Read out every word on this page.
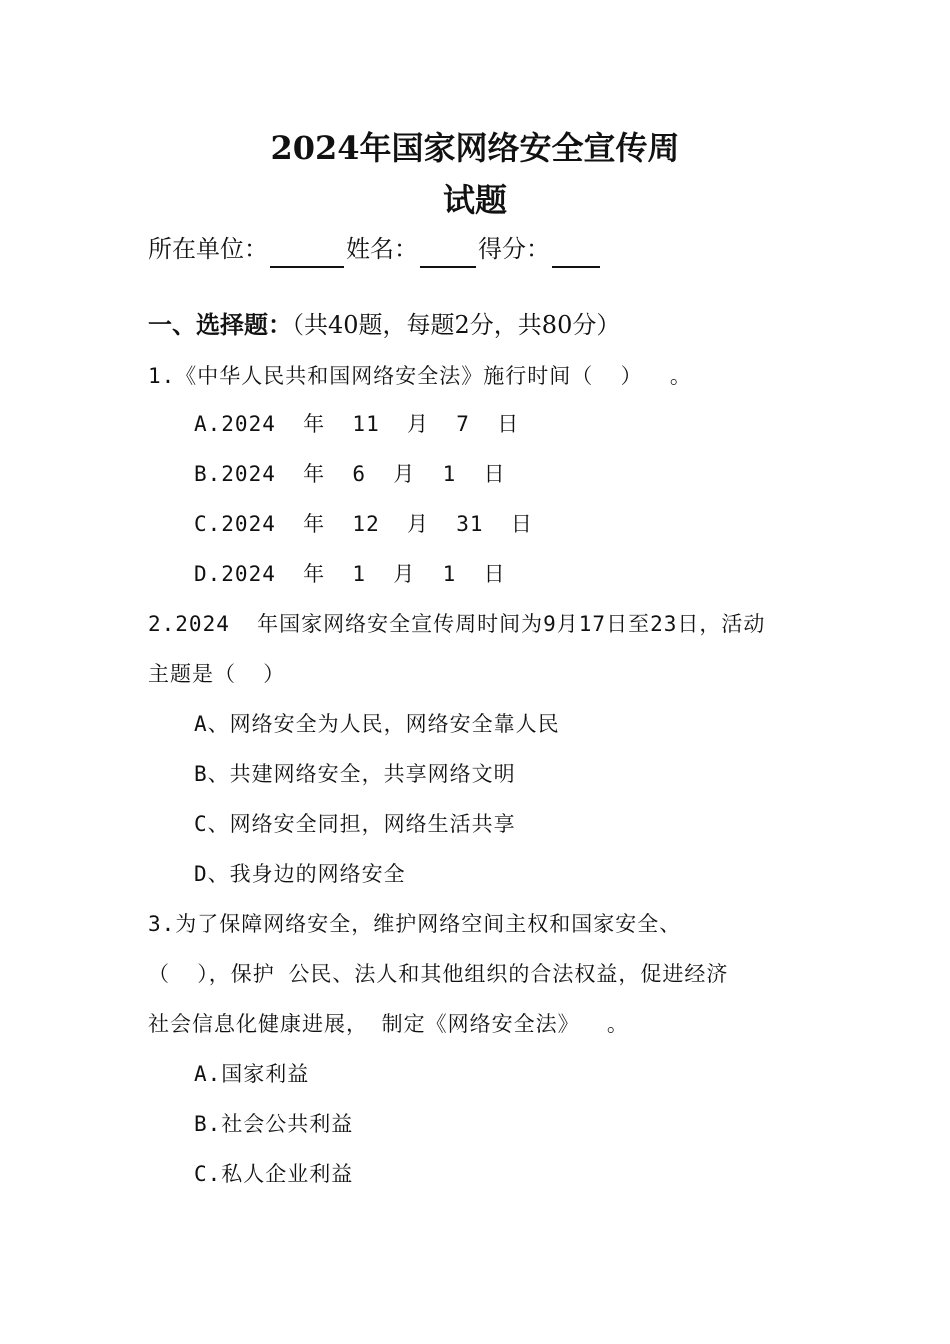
2024年国家网络安全宣传周
试题
所在单位：	姓名：	得分：
一、选择题：（共40题，每题2分，共80分）
1.《中华人民共和国网络安全法》施行时间（  ）  。
A.2024  年  11  月  7  日
B.2024  年  6  月  1  日
C.2024  年  12  月  31  日
D.2024  年  1  月  1  日
2.2024  年国家网络安全宣传周时间为9月17日至23日，活动
主题是（  ）
A、网络安全为人民，网络安全靠人民
B、共建网络安全，共享网络文明
C、网络安全同担，网络生活共享
D、我身边的网络安全
3.为了保障网络安全，维护网络空间主权和国家安全、
（  ），保护 公民、法人和其他组织的合法权益，促进经济
社会信息化健康进展， 制定《网络安全法》  。
A.国家利益
B.社会公共利益
C.私人企业利益
